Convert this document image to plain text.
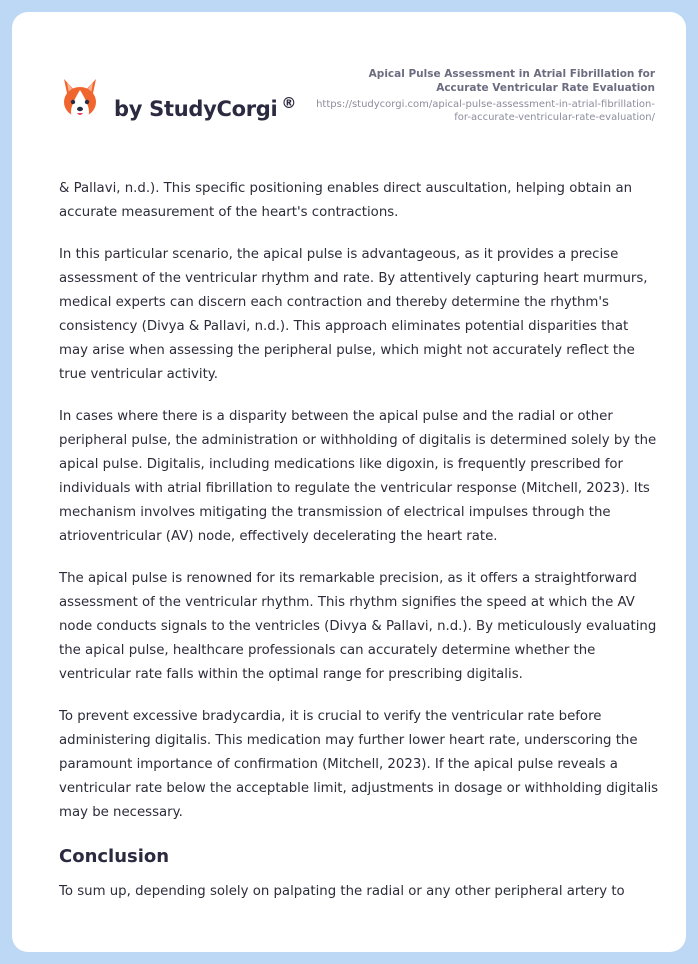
by StudyCorgi ®
Apical Pulse Assessment in Atrial Fibrillation for Accurate Ventricular Rate Evaluation
https://studycorgi.com/apical-pulse-assessment-in-atrial-fibrillation-for-accurate-ventricular-rate-evaluation/

& Pallavi, n.d.). This specific positioning enables direct auscultation, helping obtain an accurate measurement of the heart's contractions.

In this particular scenario, the apical pulse is advantageous, as it provides a precise assessment of the ventricular rhythm and rate. By attentively capturing heart murmurs, medical experts can discern each contraction and thereby determine the rhythm's consistency (Divya & Pallavi, n.d.). This approach eliminates potential disparities that may arise when assessing the peripheral pulse, which might not accurately reflect the true ventricular activity.

In cases where there is a disparity between the apical pulse and the radial or other peripheral pulse, the administration or withholding of digitalis is determined solely by the apical pulse. Digitalis, including medications like digoxin, is frequently prescribed for individuals with atrial fibrillation to regulate the ventricular response (Mitchell, 2023). Its mechanism involves mitigating the transmission of electrical impulses through the atrioventricular (AV) node, effectively decelerating the heart rate.

The apical pulse is renowned for its remarkable precision, as it offers a straightforward assessment of the ventricular rhythm. This rhythm signifies the speed at which the AV node conducts signals to the ventricles (Divya & Pallavi, n.d.). By meticulously evaluating the apical pulse, healthcare professionals can accurately determine whether the ventricular rate falls within the optimal range for prescribing digitalis.

To prevent excessive bradycardia, it is crucial to verify the ventricular rate before administering digitalis. This medication may further lower heart rate, underscoring the paramount importance of confirmation (Mitchell, 2023). If the apical pulse reveals a ventricular rate below the acceptable limit, adjustments in dosage or withholding digitalis may be necessary.

Conclusion

To sum up, depending solely on palpating the radial or any other peripheral artery to
